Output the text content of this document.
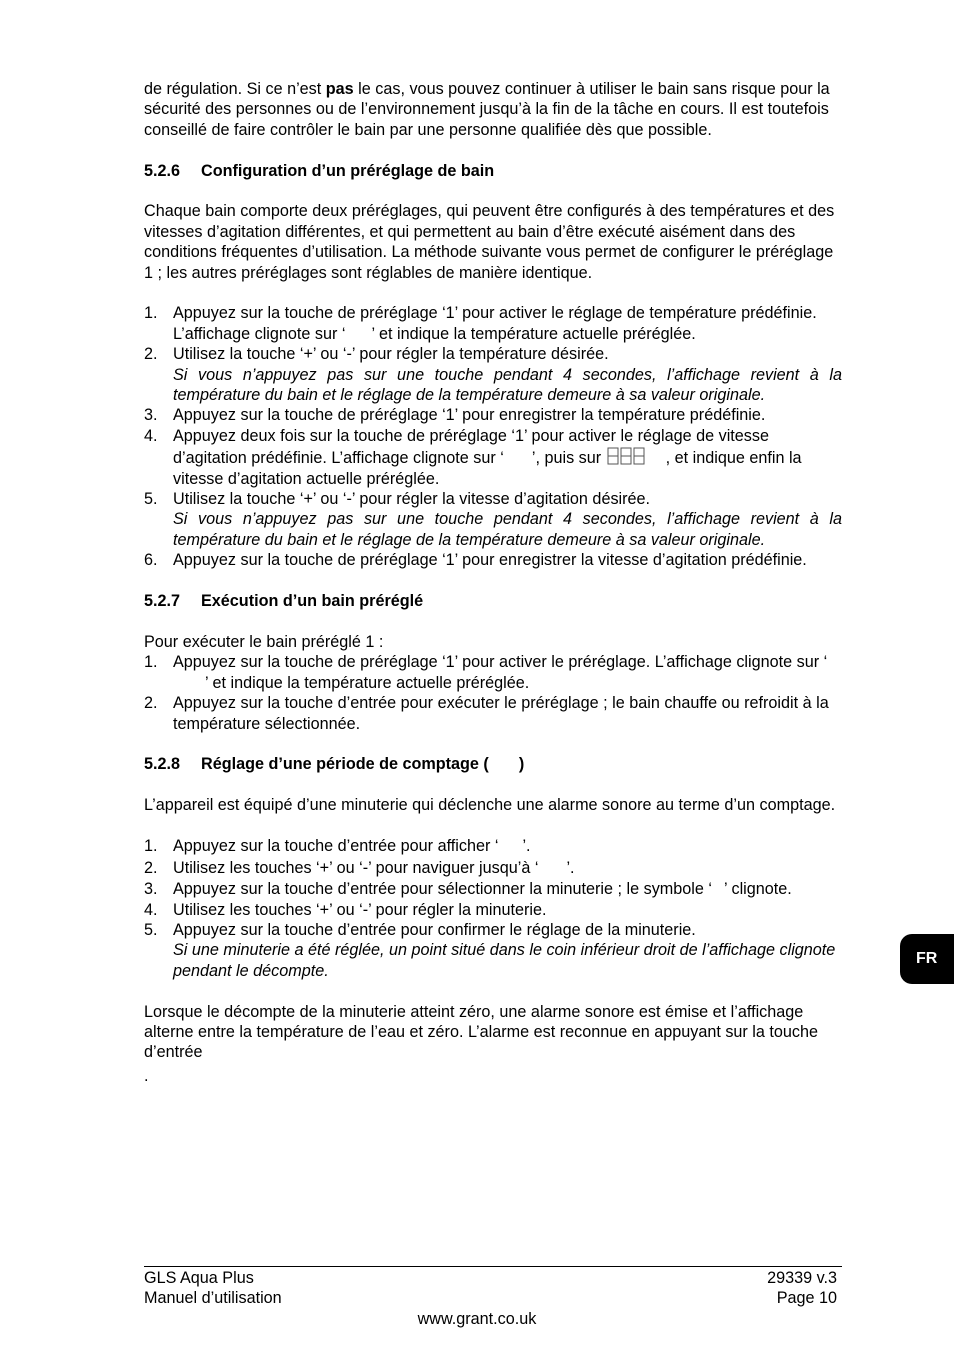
de régulation. Si ce n’est pas le cas, vous pouvez continuer à utiliser le bain sans risque pour la sécurité des personnes ou de l’environnement jusqu’à la fin de la tâche en cours. Il est toutefois conseillé de faire contrôler le bain par une personne qualifiée dès que possible.

5.2.6 Configuration d’un préréglage de bain

Chaque bain comporte deux préréglages, qui peuvent être configurés à des températures et des vitesses d’agitation différentes, et qui permettent au bain d’être exécuté aisément dans des conditions fréquentes d’utilisation. La méthode suivante vous permet de configurer le préréglage 1 ; les autres préréglages sont réglables de manière identique.

1. Appuyez sur la touche de préréglage ‘1’ pour activer le réglage de température prédéfinie. L’affichage clignote sur ‘ ’ et indique la température actuelle préréglée.
2. Utilisez la touche ‘+’ ou ‘-’ pour régler la température désirée.
Si vous n’appuyez pas sur une touche pendant 4 secondes, l’affichage revient à la température du bain et le réglage de la température demeure à sa valeur originale.
3. Appuyez sur la touche de préréglage ‘1’ pour enregistrer la température prédéfinie.
4. Appuyez deux fois sur la touche de préréglage ‘1’ pour activer le réglage de vitesse d’agitation prédéfinie. L’affichage clignote sur ‘ ’, puis sur	, et indique enfin la vitesse d’agitation actuelle préréglée.
5. Utilisez la touche ‘+’ ou ‘-’ pour régler la vitesse d’agitation désirée.
Si vous n’appuyez pas sur une touche pendant 4 secondes, l’affichage revient à la température du bain et le réglage de la température demeure à sa valeur originale.
6. Appuyez sur la touche de préréglage ‘1’ pour enregistrer la vitesse d’agitation prédéfinie.
5.2.7 Exécution d’un bain préréglé

Pour exécuter le bain préréglé 1 :

1. Appuyez sur la touche de préréglage ‘1’ pour activer le préréglage. L’affichage clignote sur ‘’ et indique la température actuelle préréglée.
2. Appuyez sur la touche d’entrée pour exécuter le préréglage ; le bain chauffe ou refroidit à la température sélectionnée.
5.2.8 Réglage d’une période de comptage ( )

L’appareil est équipé d’une minuterie qui déclenche une alarme sonore au terme d’un comptage.

1. Appuyez sur la touche d’entrée pour afficher ‘ ’.
2. Utilisez les touches ‘+’ ou ‘-’ pour naviguer jusqu’à ‘ ’.
3. Appuyez sur la touche d’entrée pour sélectionner la minuterie ; le symbole ‘ ’ clignote.
4. Utilisez les touches ‘+’ ou ‘-’ pour régler la minuterie.
5. Appuyez sur la touche d’entrée pour confirmer le réglage de la minuterie.
Si une minuterie a été réglée, un point situé dans le coin inférieur droit de l’affichage clignote pendant le décompte.

Lorsque le décompte de la minuterie atteint zéro, une alarme sonore est émise et l’affichage alterne entre la température de l’eau et zéro. L’alarme est reconnue en appuyant sur la touche d’entrée

.

FR
GLS Aqua Plus
Manuel d’utilisation
29339 v.3
Page 10
www.grant.co.uk
